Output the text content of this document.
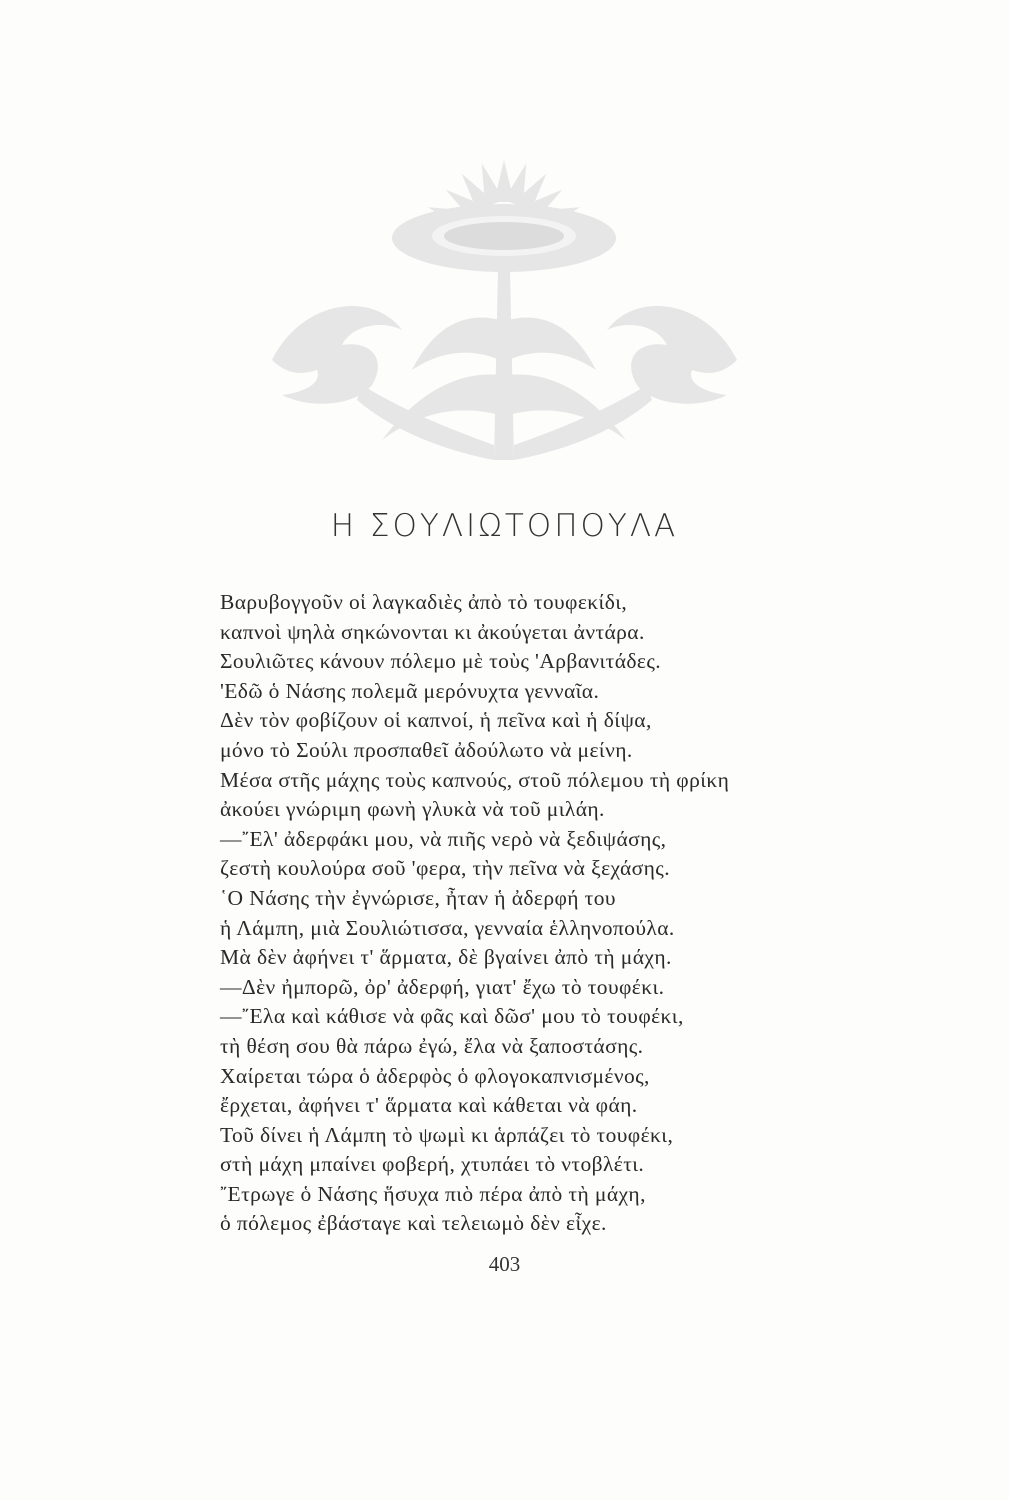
Η ΣΟΥΛΙΩΤΟΠΟΥΛΑ
Βαρυβογγοῦν οἱ λαγκαδιὲς ἀπὸ τὸ τουφεκίδι,
καπνοὶ ψηλὰ σηκώνονται κι ἀκούγεται ἀντάρα.
Σουλιῶτες κάνουν πόλεμο μὲ τοὺς 'Αρβανιτάδες.
'Εδῶ ὁ Νάσης πολεμᾶ μερόνυχτα γενναῖα.
Δὲν τὸν φοβίζουν οἱ καπνοί, ἡ πεῖνα καὶ ἡ δίψα,
μόνο τὸ Σούλι προσπαθεῖ ἀδούλωτο νὰ μείνη.
Μέσα στῆς μάχης τοὺς καπνούς, στοῦ πόλεμου τὴ φρίκη
ἀκούει γνώριμη φωνὴ γλυκὰ νὰ τοῦ μιλάη.
—῎Ελ' ἀδερφάκι μου, νὰ πιῆς νερὸ νὰ ξεδιψάσης,
ζεστὴ κουλούρα σοῦ 'φερα, τὴν πεῖνα νὰ ξεχάσης.
῾Ο Νάσης τὴν ἐγνώρισε, ἦταν ἡ ἀδερφή του
ἡ Λάμπη, μιὰ Σουλιώτισσα, γενναία ἑλληνοπούλα.
Μὰ δὲν ἀφήνει τ' ἅρματα, δὲ βγαίνει ἀπὸ τὴ μάχη.
—Δὲν ἠμπορῶ, ὀρ' ἀδερφή, γιατ' ἔχω τὸ τουφέκι.
—῎Ελα καὶ κάθισε νὰ φᾶς καὶ δῶσ' μου τὸ τουφέκι,
τὴ θέση σου θὰ πάρω ἐγώ, ἔλα νὰ ξαποστάσης.
Χαίρεται τώρα ὁ ἀδερφὸς ὁ φλογοκαπνισμένος,
ἔρχεται, ἀφήνει τ' ἅρματα καὶ κάθεται νὰ φάη.
Τοῦ δίνει ἡ Λάμπη τὸ ψωμὶ κι ἁρπάζει τὸ τουφέκι,
στὴ μάχη μπαίνει φοβερή, χτυπάει τὸ ντοβλέτι.
῎Ετρωγε ὁ Νάσης ἥσυχα πιὸ πέρα ἀπὸ τὴ μάχη,
ὁ πόλεμος ἐβάσταγε καὶ τελειωμὸ δὲν εἶχε.
403
